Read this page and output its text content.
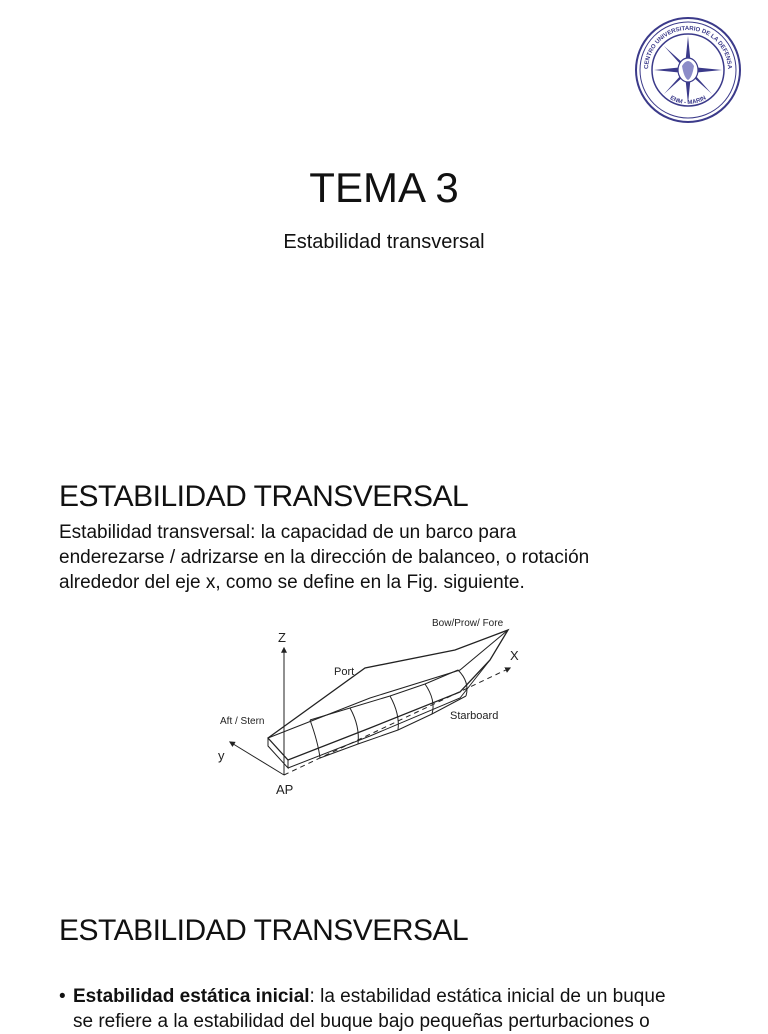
CENTRO UNIVERSITARIO DE LA DEFENSA
ENM - MARIN
TEMA 3
Estabilidad transversal
ESTABILIDAD TRANSVERSAL
Estabilidad transversal: la capacidad de un barco para
enderezarse / adrizarse en la dirección de balanceo, o rotación
alrededor del eje x, como se define en la Fig. siguiente.
Z
X
y
Bow/Prow/ Fore
Port
Starboard
Aft / Stern
AP
ESTABILIDAD TRANSVERSAL
• Estabilidad estática inicial: la estabilidad estática inicial de un buque
se refiere a la estabilidad del buque bajo pequeñas perturbaciones o
